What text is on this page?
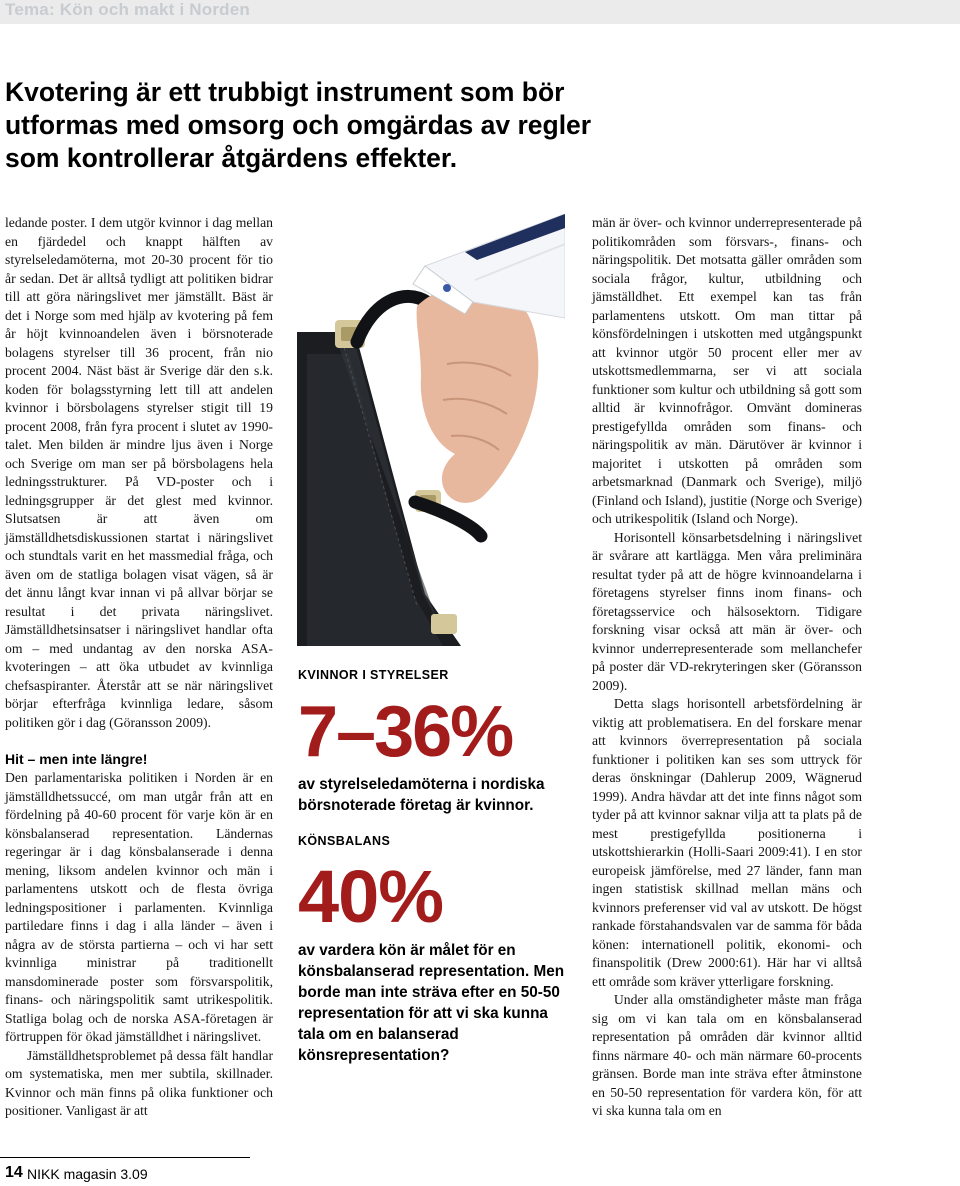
Tema: Kön och makt i Norden
Kvotering är ett trubbigt instrument som bör
utformas med omsorg och omgärdas av regler
som kontrollerar åtgärdens effekter.

ledande poster. I dem utgör kvinnor i dag mellan en fjärdedel och knappt hälften av styrelseledamöterna, mot 20-30 procent för tio år sedan. Det är alltså tydligt att politiken bidrar till att göra näringslivet mer jämställt. Bäst är det i Norge som med hjälp av kvotering på fem år höjt kvinnoandelen även i börsnoterade bolagens styrelser till 36 procent, från nio procent 2004. Näst bäst är Sverige där den s.k. koden för bolagsstyrning lett till att andelen kvinnor i börsbolagens styrelser stigit till 19 procent 2008, från fyra procent i slutet av 1990-talet. Men bilden är mindre ljus även i Norge och Sverige om man ser på börsbolagens hela ledningsstrukturer. På VD-poster och i ledningsgrupper är det glest med kvinnor. Slutsatsen är att även om jämställdhetsdiskussionen startat i näringslivet och stundtals varit en het massmedial fråga, och även om de statliga bolagen visat vägen, så är det ännu långt kvar innan vi på allvar börjar se resultat i det privata näringslivet. Jämställdhetsinsatser i näringslivet handlar ofta om – med undantag av den norska ASA-kvoteringen – att öka utbudet av kvinnliga chefsaspiranter. Återstår att se när näringslivet börjar efterfråga kvinnliga ledare, såsom politiken gör i dag (Göransson 2009).

Hit – men inte längre!

Den parlamentariska politiken i Norden är en jämställdhetssuccé, om man utgår från att en fördelning på 40-60 procent för varje kön är en könsbalanserad representation. Ländernas regeringar är i dag könsbalanserade i denna mening, liksom andelen kvinnor och män i parlamentens utskott och de flesta övriga ledningspositioner i parlamenten. Kvinnliga partiledare finns i dag i alla länder – även i några av de största partierna – och vi har sett kvinnliga ministrar på traditionellt mansdominerade poster som försvarspolitik, finans- och näringspolitik samt utrikespolitik. Statliga bolag och de norska ASA-företagen är förtruppen för ökad jämställdhet i näringslivet.

Jämställdhetsproblemet på dessa fält handlar om systematiska, men mer subtila, skillnader. Kvinnor och män finns på olika funktioner och positioner. Vanligast är att

KVINNOR I STYRELSER
7–36%
av styrelseledamöterna i nordiska börsnoterade företag är kvinnor.
KÖNSBALANS
40%
av vardera kön är målet för en könsbalanserad representation. Men borde man inte sträva efter en 50-50 representation för att vi ska kunna tala om en balanserad könsrepresentation?

män är över- och kvinnor underrepresenterade på politikområden som försvars-, finans- och näringspolitik. Det motsatta gäller områden som sociala frågor, kultur, utbildning och jämställdhet. Ett exempel kan tas från parlamentens utskott. Om man tittar på könsfördelningen i utskotten med utgångspunkt att kvinnor utgör 50 procent eller mer av utskottsmedlemmarna, ser vi att sociala funktioner som kultur och utbildning så gott som alltid är kvinnofrågor. Omvänt domineras prestigefyllda områden som finans- och näringspolitik av män. Därutöver är kvinnor i majoritet i utskotten på områden som arbetsmarknad (Danmark och Sverige), miljö (Finland och Island), justitie (Norge och Sverige) och utrikespolitik (Island och Norge).

Horisontell könsarbetsdelning i näringslivet är svårare att kartlägga. Men våra preliminära resultat tyder på att de högre kvinnoandelarna i företagens styrelser finns inom finans- och företagsservice och hälsosektorn. Tidigare forskning visar också att män är över- och kvinnor underrepresenterade som mellanchefer på poster där VD-rekryteringen sker (Göransson 2009).

Detta slags horisontell arbetsfördelning är viktig att problematisera. En del forskare menar att kvinnors överrepresentation på sociala funktioner i politiken kan ses som uttryck för deras önskningar (Dahlerup 2009, Wägnerud 1999). Andra hävdar att det inte finns något som tyder på att kvinnor saknar vilja att ta plats på de mest prestigefyllda positionerna i utskottshierarkin (Holli-Saari 2009:41). I en stor europeisk jämförelse, med 27 länder, fann man ingen statistisk skillnad mellan mäns och kvinnors preferenser vid val av utskott. De högst rankade förstahandsvalen var de samma för båda könen: internationell politik, ekonomi- och finanspolitik (Drew 2000:61). Här har vi alltså ett område som kräver ytterligare forskning.

Under alla omständigheter måste man fråga sig om vi kan tala om en könsbalanserad representation på områden där kvinnor alltid finns närmare 40- och män närmare 60-procents gränsen. Borde man inte sträva efter åtminstone en 50-50 representation för vardera kön, för att vi ska kunna tala om en

14 NIKK magasin 3.09
